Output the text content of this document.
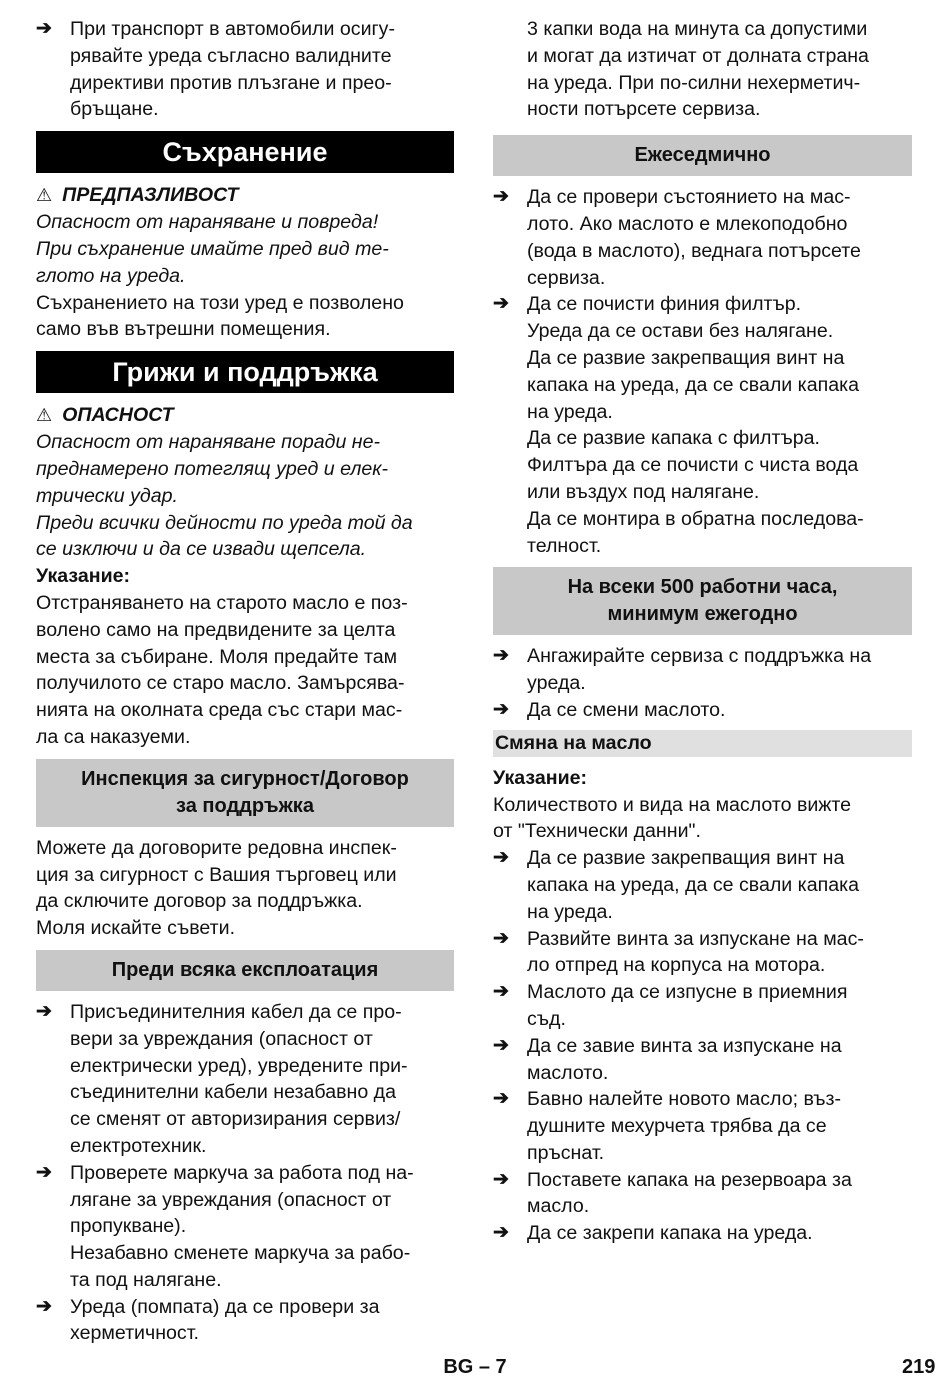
➔ При транспорт в автомобили осигу-
рявайте уреда съгласно валидните
директиви против плъзгане и прео-
бръщане.
Съхранение
⚠ ПРЕДПАЗЛИВОСТ

Опасност от нараняване и повреда!
При съхранение имайте пред вид те-
глото на уреда.

Съхранението на този уред е позволено
само във вътрешни помещения.

Грижи и поддръжка
⚠ ОПАСНОСТ

Опасност от нараняване поради не-
преднамерено потеглящ уред и елек-
трически удар.
Преди всички дейности по уреда той да
се изключи и да се извади щепсела.

Указание:

Отстраняването на старото масло е поз-
волено само на предвидените за целта
места за събиране. Моля предайте там
получилото се старо масло. Замърсява-
нията на околната среда със стари мас-
ла са наказуеми.

Инспекция за сигурност/Договор
за поддръжка

Можете да договорите редовна инспек-
ция за сигурност с Вашия търговец или
да сключите договор за поддръжка.
Моля искайте съвети.

Преди всяка експлоатация
➔ Присъединителния кабел да се про-
вери за увреждания (опасност от
електрически уред), увредените при-
съединителни кабели незабавно да
се сменят от авторизирания сервиз/
електротехник.
➔ Проверете маркуча за работа под на-
лягане за увреждания (опасност от
пропукване).
Незабавно сменете маркуча за рабо-
та под налягане.
➔ Уреда (помпата) да се провери за
херметичност.
3 капки вода на минута са допустими
и могат да изтичат от долната страна
на уреда. При по-силни нехерметич-
ности потърсете сервиза.
Ежеседмично
➔ Да се провери състоянието на мас-
лото. Ако маслото е млекоподобно
(вода в маслото), веднага потърсете
сервиза.
➔ Да се почисти финия филтър.
Уреда да се остави без налягане.
Да се развие закрепващия винт на
капака на уреда, да се свали капака
на уреда.
Да се развие капака с филтъра.
Филтъра да се почисти с чиста вода
или въздух под налягане.
Да се монтира в обратна последова-
телност.
На всеки 500 работни часа,
минимум ежегодно
➔ Ангажирайте сервиза с поддръжка на
уреда.
➔ Да се смени маслото.
Смяна на масло

Указание:

Количеството и вида на маслото вижте
от "Технически данни".

➔ Да се развие закрепващия винт на
капака на уреда, да се свали капака
на уреда.
➔ Развийте винта за изпускане на мас-
ло отпред на корпуса на мотора.
➔ Маслото да се изпусне в приемния
съд.
➔ Да се завие винта за изпускане на
маслото.
➔ Бавно налейте новото масло; въз-
душните мехурчета трябва да се
пръснат.
➔ Поставете капака на резервоара за
масло.
➔ Да се закрепи капака на уреда.
BG – 7	219
